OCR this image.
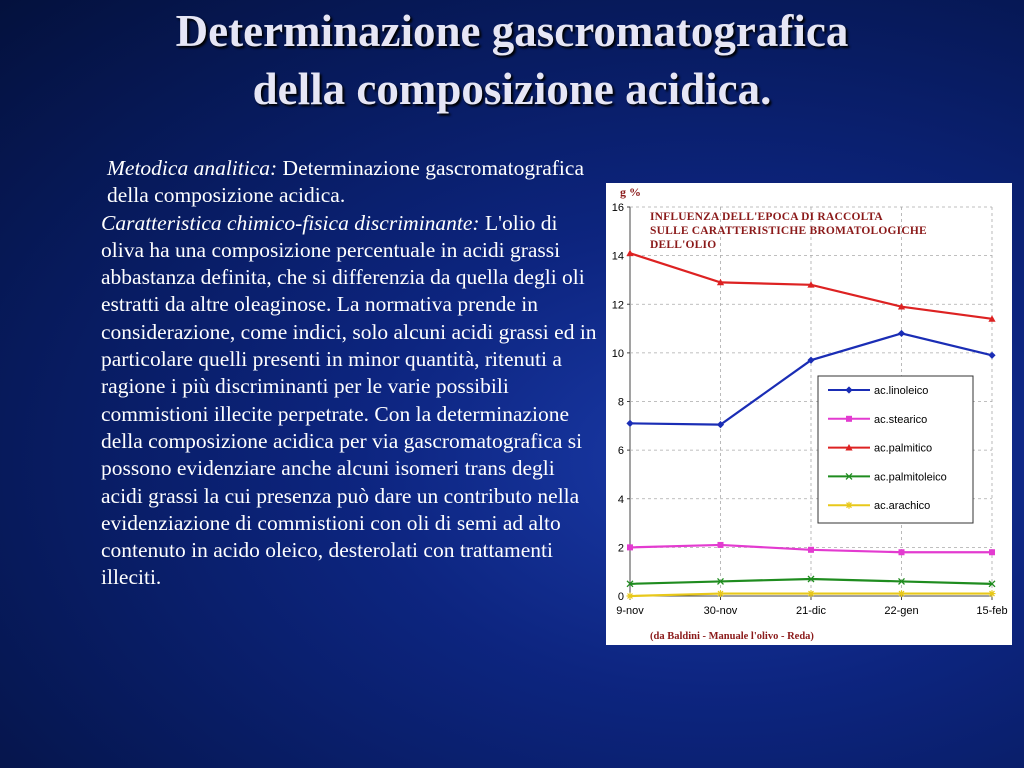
Determinazione gascromatografica
della composizione acidica.

Metodica analitica: Determinazione gascromatografica della composizione acidica.

Caratteristica chimico-fisica discriminante: L'olio di oliva ha una composizione percentuale in acidi grassi abbastanza definita, che si differenzia da quella degli oli estratti da altre oleaginose. La normativa prende in considerazione, come indici, solo alcuni acidi grassi ed in particolare quelli presenti in minor quantità, ritenuti a ragione i più discriminanti per le varie possibili commistioni illecite perpetrate. Con la determinazione della composizione acidica per via gascromatografica si possono evidenziare anche alcuni isomeri trans degli acidi grassi la cui presenza può dare un contributo nella evidenziazione di commistioni con oli di semi ad alto contenuto in acido oleico, desterolati con trattamenti illeciti.

0
2
4
6
8
10
12
14
16
9-nov	30-nov	21-dic	22-gen	15-feb
g %
INFLUENZA DELL'EPOCA DI RACCOLTA
SULLE CARATTERISTICHE BROMATOLOGICHE
DELL'OLIO
(da Baldini - Manuale l'olivo - Reda)
ac.linoleico
ac.stearico
ac.palmitico
ac.palmitoleico
ac.arachico
